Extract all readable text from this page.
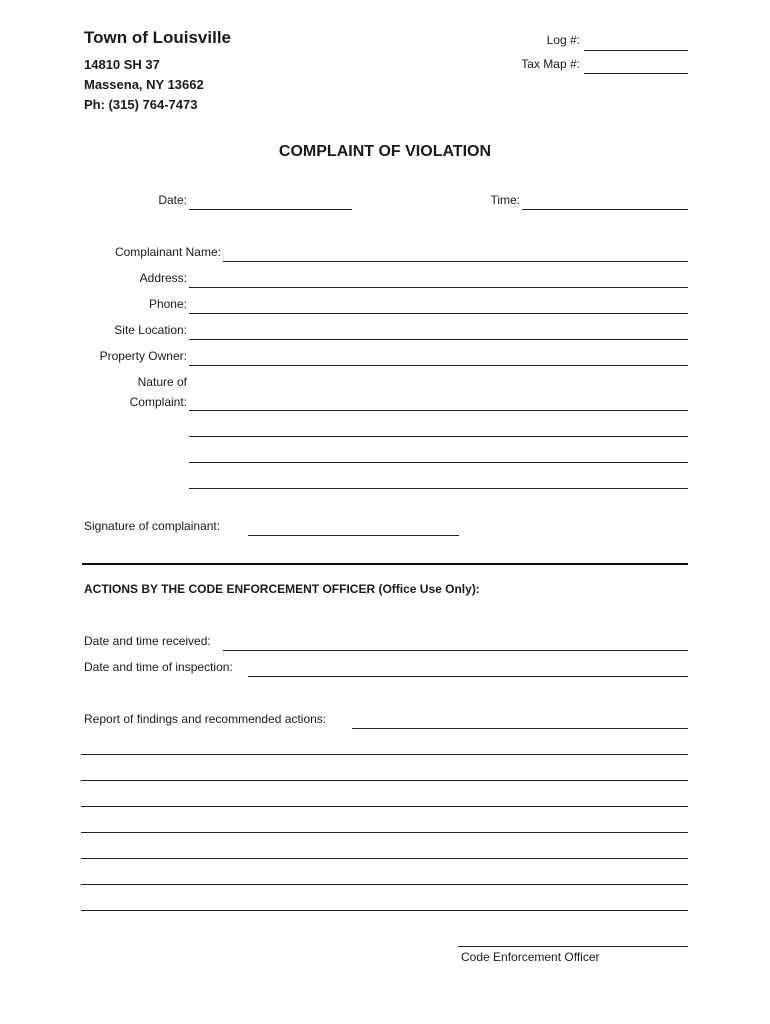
Town of Louisville
14810 SH 37
Massena, NY 13662
Ph: (315) 764-7473
Log #:
Tax Map #:
COMPLAINT OF VIOLATION
Date:	Time:
Complainant Name:
Address:
Phone:
Site Location:
Property Owner:
Nature of
Complaint:
Signature of complainant:
ACTIONS BY THE CODE ENFORCEMENT OFFICER (Office Use Only):
Date and time received:
Date and time of inspection:
Report of findings and recommended actions:
Code Enforcement Officer
